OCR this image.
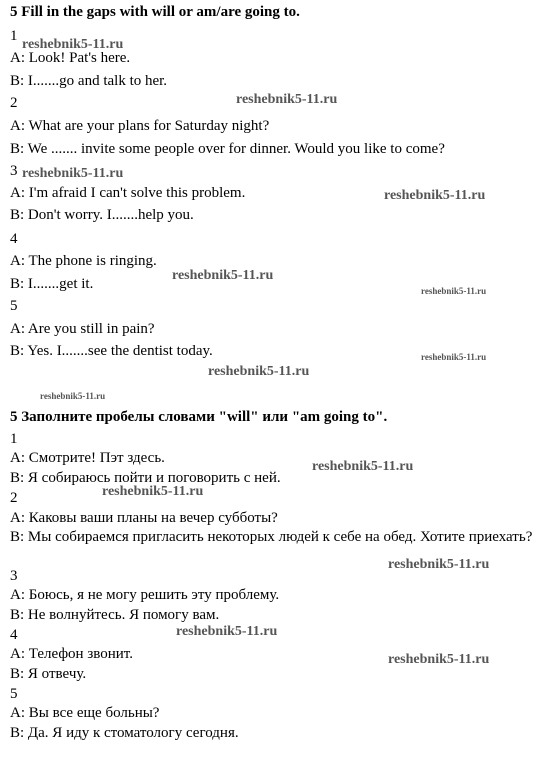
5 Fill in the gaps with will or am/are going to.
1
A: Look! Pat's here.
B: I.......go and talk to her.
2
A: What are your plans for Saturday night?
B: We ....... invite some people over for dinner. Would you like to come?
3
A: I'm afraid I can't solve this problem.
B: Don't worry. I.......help you.
4
A: The phone is ringing.
B: I.......get it.
5
A: Are you still in pain?
B: Yes. I.......see the dentist today.
5 Заполните пробелы словами "will" или "am going to".
1
A: Смотрите! Пэт здесь.
B: Я собираюсь пойти и поговорить с ней.
2
A: Каковы ваши планы на вечер субботы?
B: Мы собираемся пригласить некоторых людей к себе на обед. Хотите приехать?
3
A: Боюсь, я не могу решить эту проблему.
B: Не волнуйтесь. Я помогу вам.
4
A: Телефон звонит.
B: Я отвечу.
5
A: Вы все еще больны?
B: Да. Я иду к стоматологу сегодня.
reshebnik5-11.ru
reshebnik5-11.ru
reshebnik5-11.ru
reshebnik5-11.ru
reshebnik5-11.ru
reshebnik5-11.ru
reshebnik5-11.ru
reshebnik5-11.ru
reshebnik5-11.ru
reshebnik5-11.ru
reshebnik5-11.ru
reshebnik5-11.ru
reshebnik5-11.ru
reshebnik5-11.ru
